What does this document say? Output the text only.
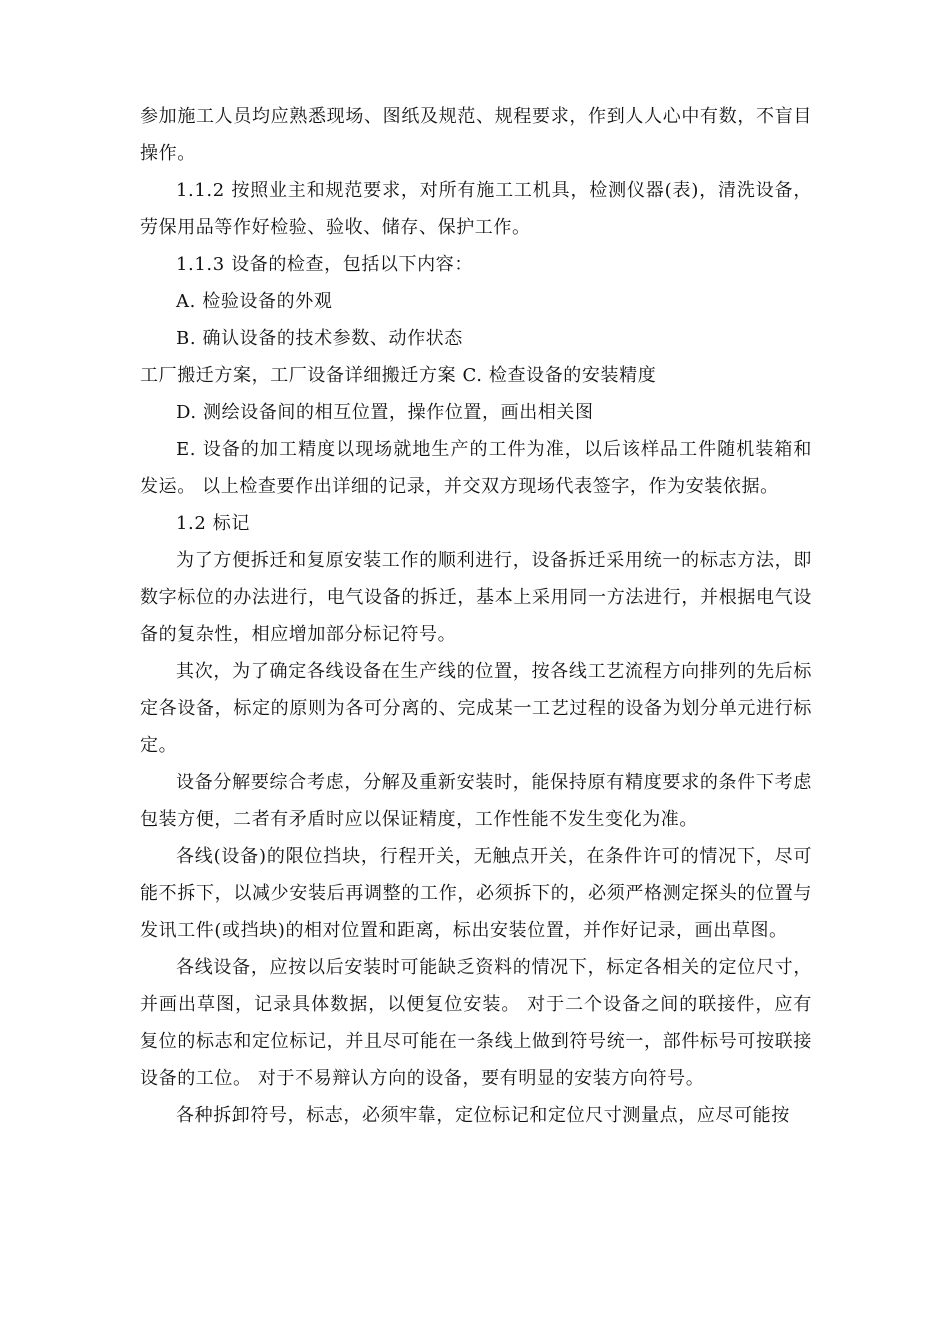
参加施工人员均应熟悉现场、图纸及规范、规程要求，作到人人心中有数，不盲目操作。

1.1.2 按照业主和规范要求，对所有施工工机具，检测仪器(表)，清洗设备，劳保用品等作好检验、验收、储存、保护工作。

1.1.3 设备的检查，包括以下内容：

A. 检验设备的外观

B. 确认设备的技术参数、动作状态

工厂搬迁方案，工厂设备详细搬迁方案 C. 检查设备的安装精度

D. 测绘设备间的相互位置，操作位置，画出相关图

E. 设备的加工精度以现场就地生产的工件为准，以后该样品工件随机装箱和发运。 以上检查要作出详细的记录，并交双方现场代表签字，作为安装依据。

1.2 标记

为了方便拆迁和复原安装工作的顺利进行，设备拆迁采用统一的标志方法，即数字标位的办法进行，电气设备的拆迁，基本上采用同一方法进行，并根据电气设备的复杂性，相应增加部分标记符号。

其次，为了确定各线设备在生产线的位置，按各线工艺流程方向排列的先后标定各设备，标定的原则为各可分离的、完成某一工艺过程的设备为划分单元进行标定。

设备分解要综合考虑，分解及重新安装时，能保持原有精度要求的条件下考虑包装方便，二者有矛盾时应以保证精度，工作性能不发生变化为准。

各线(设备)的限位挡块，行程开关，无触点开关，在条件许可的情况下，尽可能不拆下，以减少安装后再调整的工作，必须拆下的，必须严格测定探头的位置与发讯工件(或挡块)的相对位置和距离，标出安装位置，并作好记录，画出草图。

各线设备，应按以后安装时可能缺乏资料的情况下，标定各相关的定位尺寸，并画出草图，记录具体数据，以便复位安装。 对于二个设备之间的联接件，应有复位的标志和定位标记，并且尽可能在一条线上做到符号统一，部件标号可按联接设备的工位。 对于不易辩认方向的设备，要有明显的安装方向符号。

各种拆卸符号，标志，必须牢靠，定位标记和定位尺寸测量点，应尽可能按
